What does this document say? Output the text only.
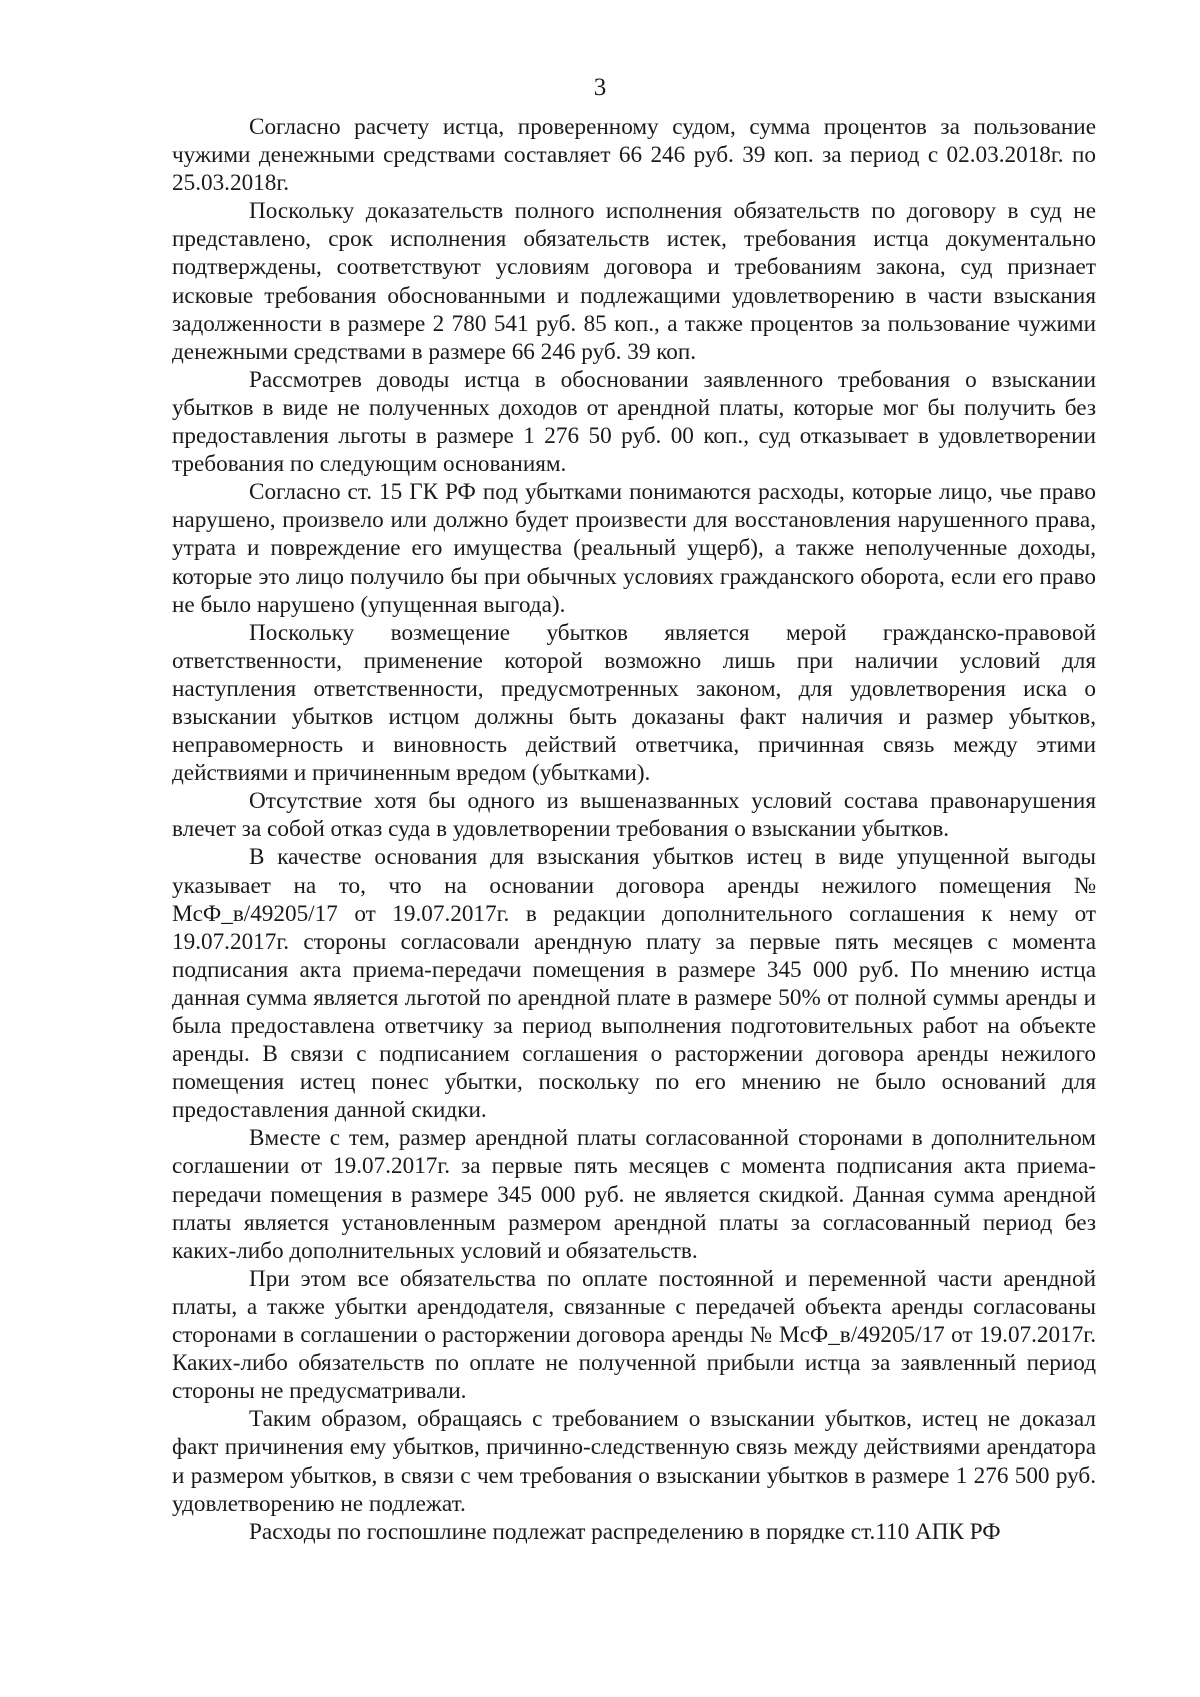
3

Согласно расчету истца, проверенному судом, сумма процентов за пользование чужими денежными средствами составляет 66 246 руб. 39 коп. за период с 02.03.2018г. по 25.03.2018г.

Поскольку доказательств полного исполнения обязательств по договору в суд не представлено, срок исполнения обязательств истек, требования истца документально подтверждены, соответствуют условиям договора и требованиям закона, суд признает исковые требования обоснованными и подлежащими удовлетворению в части взыскания задолженности в размере 2 780 541 руб. 85 коп., а также процентов за пользование чужими денежными средствами в размере 66 246 руб. 39 коп.

Рассмотрев доводы истца в обосновании заявленного требования о взыскании убытков в виде не полученных доходов от арендной платы, которые мог бы получить без предоставления льготы в размере 1 276 50 руб. 00 коп., суд отказывает в удовлетворении требования по следующим основаниям.

Согласно ст. 15 ГК РФ под убытками понимаются расходы, которые лицо, чье право нарушено, произвело или должно будет произвести для восстановления нарушенного права, утрата и повреждение его имущества (реальный ущерб), а также неполученные доходы, которые это лицо получило бы при обычных условиях гражданского оборота, если его право не было нарушено (упущенная выгода).

Поскольку возмещение убытков является мерой гражданско-правовой ответственности, применение которой возможно лишь при наличии условий для наступления ответственности, предусмотренных законом, для удовлетворения иска о взыскании убытков истцом должны быть доказаны факт наличия и размер убытков, неправомерность и виновность действий ответчика, причинная связь между этими действиями и причиненным вредом (убытками).

Отсутствие хотя бы одного из вышеназванных условий состава правонарушения влечет за собой отказ суда в удовлетворении требования о взыскании убытков.

В качестве основания для взыскания убытков истец в виде упущенной выгоды указывает на то, что на основании договора аренды нежилого помещения № МсФ_в/49205/17 от 19.07.2017г. в редакции дополнительного соглашения к нему от 19.07.2017г. стороны согласовали арендную плату за первые пять месяцев с момента подписания акта приема-передачи помещения в размере 345 000 руб. По мнению истца данная сумма является льготой по арендной плате в размере 50% от полной суммы аренды и была предоставлена ответчику за период выполнения подготовительных работ на объекте аренды. В связи с подписанием соглашения о расторжении договора аренды нежилого помещения истец понес убытки, поскольку по его мнению не было оснований для предоставления данной скидки.

Вместе с тем, размер арендной платы согласованной сторонами в дополнительном соглашении от 19.07.2017г. за первые пять месяцев с момента подписания акта приема-передачи помещения в размере 345 000 руб. не является скидкой. Данная сумма арендной платы является установленным размером арендной платы за согласованный период без каких-либо дополнительных условий и обязательств.

При этом все обязательства по оплате постоянной и переменной части арендной платы, а также убытки арендодателя, связанные с передачей объекта аренды согласованы сторонами в соглашении о расторжении договора аренды № МсФ_в/49205/17 от 19.07.2017г. Каких-либо обязательств по оплате не полученной прибыли истца за заявленный период стороны не предусматривали.

Таким образом, обращаясь с требованием о взыскании убытков, истец не доказал факт причинения ему убытков, причинно-следственную связь между действиями арендатора и размером убытков, в связи с чем требования о взыскании убытков в размере 1 276 500 руб. удовлетворению не подлежат.

Расходы по госпошлине подлежат распределению в порядке ст.110 АПК РФ
